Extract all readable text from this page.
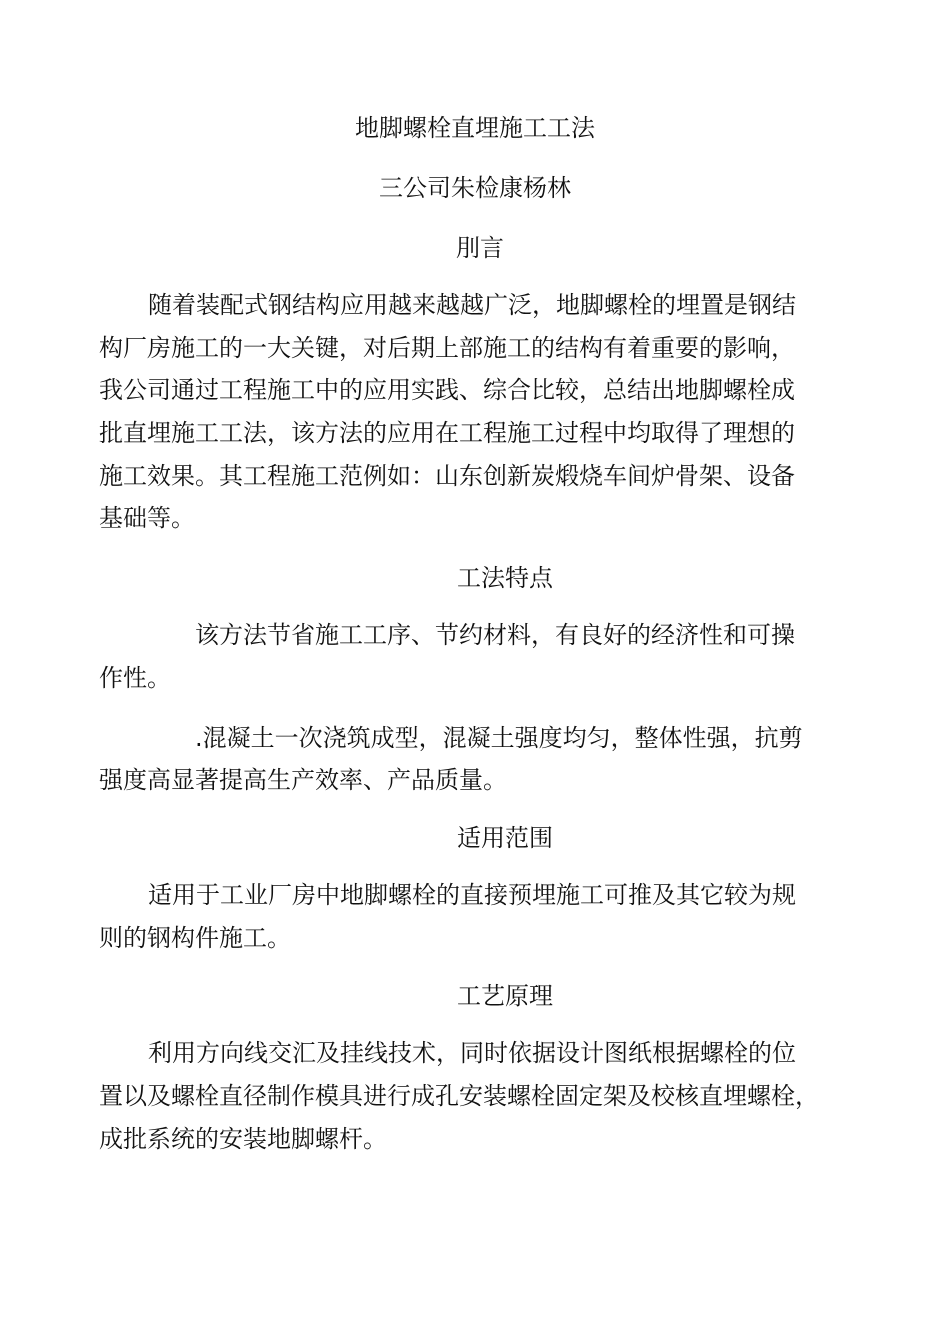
地脚螺栓直埋施工工法
三公司朱检康杨林
刖言
随着装配式钢结构应用越来越越广泛，地脚螺栓的埋置是钢结
构厂房施工的一大关键，对后期上部施工的结构有着重要的影响，
我公司通过工程施工中的应用实践、综合比较，总结出地脚螺栓成
批直埋施工工法，该方法的应用在工程施工过程中均取得了理想的
施工效果。其工程施工范例如：山东创新炭煅烧车间炉骨架、设备
基础等。
工法特点
该方法节省施工工序、节约材料，有良好的经济性和可操
作性。
.混凝土一次浇筑成型，混凝土强度均匀，整体性强，抗剪
强度高显著提高生产效率、产品质量。
适用范围
适用于工业厂房中地脚螺栓的直接预埋施工可推及其它较为规
则的钢构件施工。
工艺原理
利用方向线交汇及挂线技术，同时依据设计图纸根据螺栓的位
置以及螺栓直径制作模具进行成孔安装螺栓固定架及校核直埋螺栓，
成批系统的安装地脚螺杆。
